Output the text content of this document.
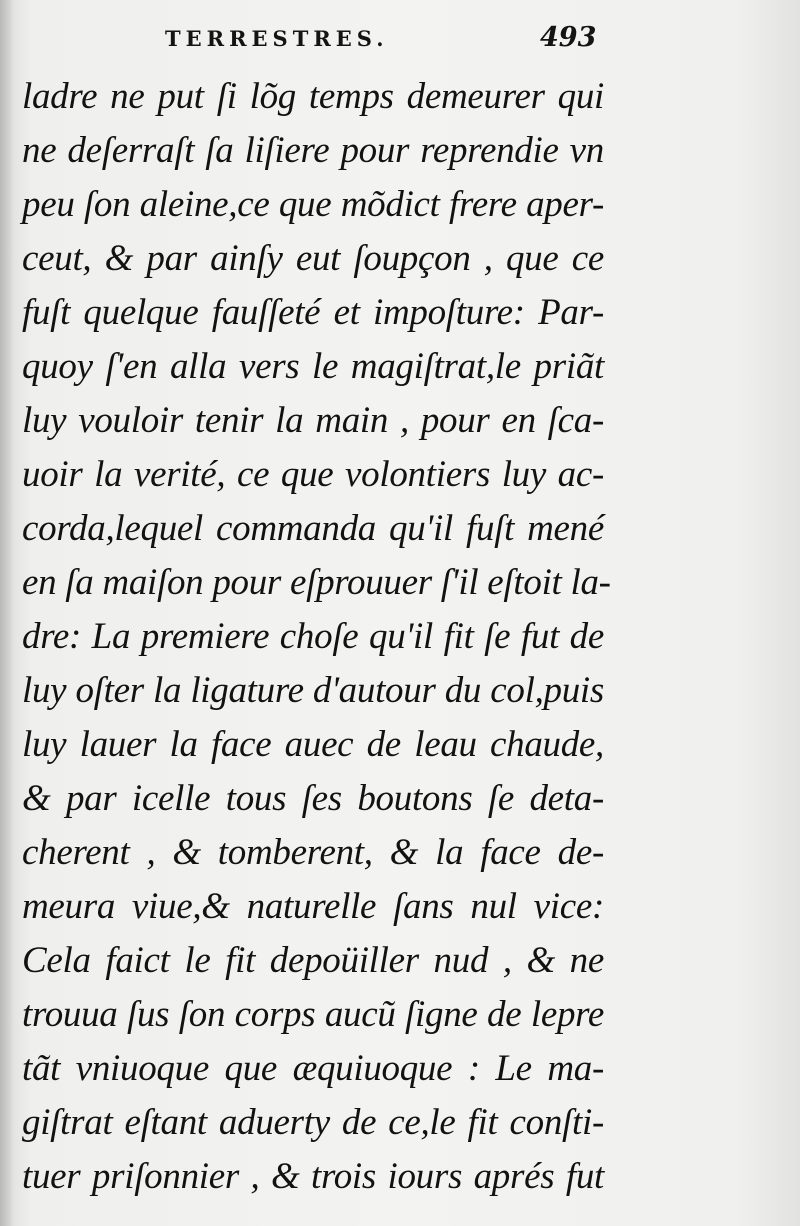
TERRESTRES.	493
ladre ne put ſi lõg temps demeurer qui
ne deſerraſt ſa liſiere pour reprendie vn
peu ſon aleine,ce que mõdict frere aper-
ceut, & par ainſy eut ſoupçon , que ce
fuſt quelque fauſſeté et impoſture: Par-
quoy ſ'en alla vers le magiſtrat,le priãt
luy vouloir tenir la main , pour en ſca-
uoir la verité, ce que volontiers luy ac-
corda,lequel commanda qu'il fuſt mené
en ſa maiſon pour eſprouuer ſ'il eſtoit la-
dre: La premiere choſe qu'il fit ſe fut de
luy oſter la ligature d'autour du col,puis
luy lauer la face auec de leau chaude,
& par icelle tous ſes boutons ſe deta-
cherent , & tomberent, & la face de-
meura viue,& naturelle ſans nul vice:
Cela faict le fit depoüiller nud , & ne
trouua ſus ſon corps aucũ ſigne de lepre
tãt vniuoque que æquiuoque : Le ma-
giſtrat eſtant aduerty de ce,le fit conſti-
tuer priſonnier , & trois iours aprés fut
